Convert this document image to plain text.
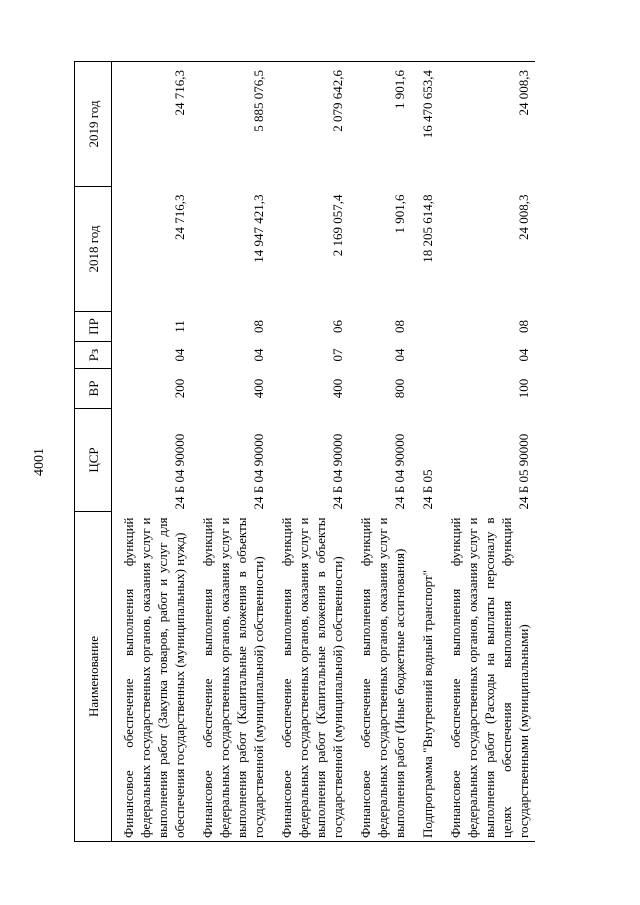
4001
Наименование	ЦСР	ВР	Рз	ПР	2018 год	2019 год
Финансовое обеспечение выполнения функций федеральных государственных органов, оказания услуг и выполнения работ (Закупка товаров, работ и услуг для обеспечения государственных (муниципальных) нужд)	24 Б 04 90000	200	04	11	24 716,3	24 716,3
Финансовое обеспечение выполнения функций федеральных государственных органов, оказания услуг и выполнения работ (Капитальные вложения в объекты государственной (муниципальной) собственности)	24 Б 04 90000	400	04	08	14 947 421,3	5 885 076,5
Финансовое обеспечение выполнения функций федеральных государственных органов, оказания услуг и выполнения работ (Капитальные вложения в объекты государственной (муниципальной) собственности)	24 Б 04 90000	400	07	06	2 169 057,4	2 079 642,6
Финансовое обеспечение выполнения функций федеральных государственных органов, оказания услуг и выполнения работ (Иные бюджетные ассигнования)	24 Б 04 90000	800	04	08	1 901,6	1 901,6
Подпрограмма "Внутренний водный транспорт"	24 Б 05				18 205 614,8	16 470 653,4
Финансовое обеспечение выполнения функций федеральных государственных органов, оказания услуг и выполнения работ (Расходы на выплаты персоналу в целях обеспечения выполнения функций государственными (муниципальными)	24 Б 05 90000	100	04	08	24 008,3	24 008,3
